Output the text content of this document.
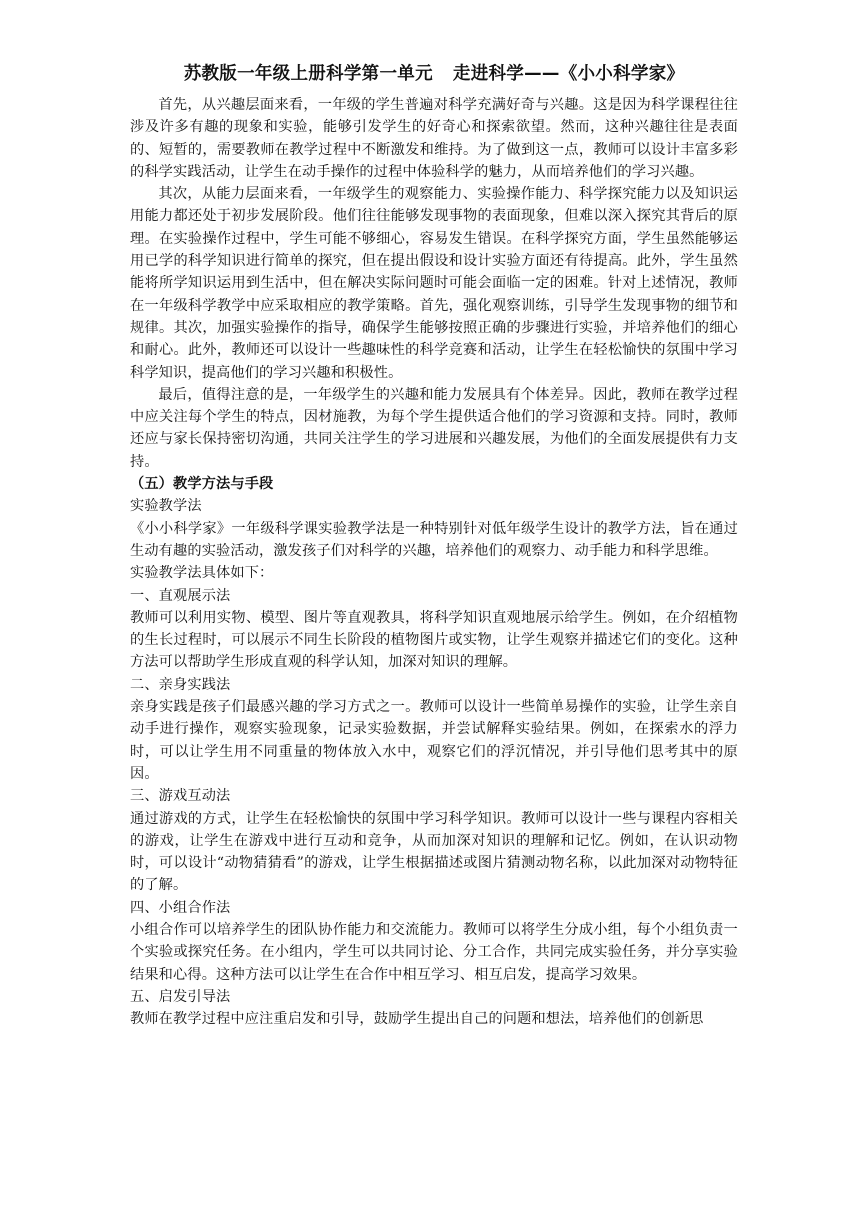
苏教版一年级上册科学第一单元 走进科学——《小小科学家》

首先，从兴趣层面来看，一年级的学生普遍对科学充满好奇与兴趣。这是因为科学课程往往涉及许多有趣的现象和实验，能够引发学生的好奇心和探索欲望。然而，这种兴趣往往是表面的、短暂的，需要教师在教学过程中不断激发和维持。为了做到这一点，教师可以设计丰富多彩的科学实践活动，让学生在动手操作的过程中体验科学的魅力，从而培养他们的学习兴趣。

其次，从能力层面来看，一年级学生的观察能力、实验操作能力、科学探究能力以及知识运用能力都还处于初步发展阶段。他们往往能够发现事物的表面现象，但难以深入探究其背后的原理。在实验操作过程中，学生可能不够细心，容易发生错误。在科学探究方面，学生虽然能够运用已学的科学知识进行简单的探究，但在提出假设和设计实验方面还有待提高。此外，学生虽然能将所学知识运用到生活中，但在解决实际问题时可能会面临一定的困难。针对上述情况，教师在一年级科学教学中应采取相应的教学策略。首先，强化观察训练，引导学生发现事物的细节和规律。其次，加强实验操作的指导，确保学生能够按照正确的步骤进行实验，并培养他们的细心和耐心。此外，教师还可以设计一些趣味性的科学竞赛和活动，让学生在轻松愉快的氛围中学习科学知识，提高他们的学习兴趣和积极性。

最后，值得注意的是，一年级学生的兴趣和能力发展具有个体差异。因此，教师在教学过程中应关注每个学生的特点，因材施教，为每个学生提供适合他们的学习资源和支持。同时，教师还应与家长保持密切沟通，共同关注学生的学习进展和兴趣发展，为他们的全面发展提供有力支持。

（五）教学方法与手段

实验教学法

《小小科学家》一年级科学课实验教学法是一种特别针对低年级学生设计的教学方法，旨在通过生动有趣的实验活动，激发孩子们对科学的兴趣，培养他们的观察力、动手能力和科学思维。

实验教学法具体如下：

一、直观展示法

教师可以利用实物、模型、图片等直观教具，将科学知识直观地展示给学生。例如，在介绍植物的生长过程时，可以展示不同生长阶段的植物图片或实物，让学生观察并描述它们的变化。这种方法可以帮助学生形成直观的科学认知，加深对知识的理解。

二、亲身实践法

亲身实践是孩子们最感兴趣的学习方式之一。教师可以设计一些简单易操作的实验，让学生亲自动手进行操作，观察实验现象，记录实验数据，并尝试解释实验结果。例如，在探索水的浮力时，可以让学生用不同重量的物体放入水中，观察它们的浮沉情况，并引导他们思考其中的原因。

三、游戏互动法

通过游戏的方式，让学生在轻松愉快的氛围中学习科学知识。教师可以设计一些与课程内容相关的游戏，让学生在游戏中进行互动和竞争，从而加深对知识的理解和记忆。例如，在认识动物时，可以设计“动物猜猜看”的游戏，让学生根据描述或图片猜测动物名称，以此加深对动物特征的了解。

四、小组合作法

小组合作可以培养学生的团队协作能力和交流能力。教师可以将学生分成小组，每个小组负责一个实验或探究任务。在小组内，学生可以共同讨论、分工合作，共同完成实验任务，并分享实验结果和心得。这种方法可以让学生在合作中相互学习、相互启发，提高学习效果。

五、启发引导法

教师在教学过程中应注重启发和引导，鼓励学生提出自己的问题和想法，培养他们的创新思
